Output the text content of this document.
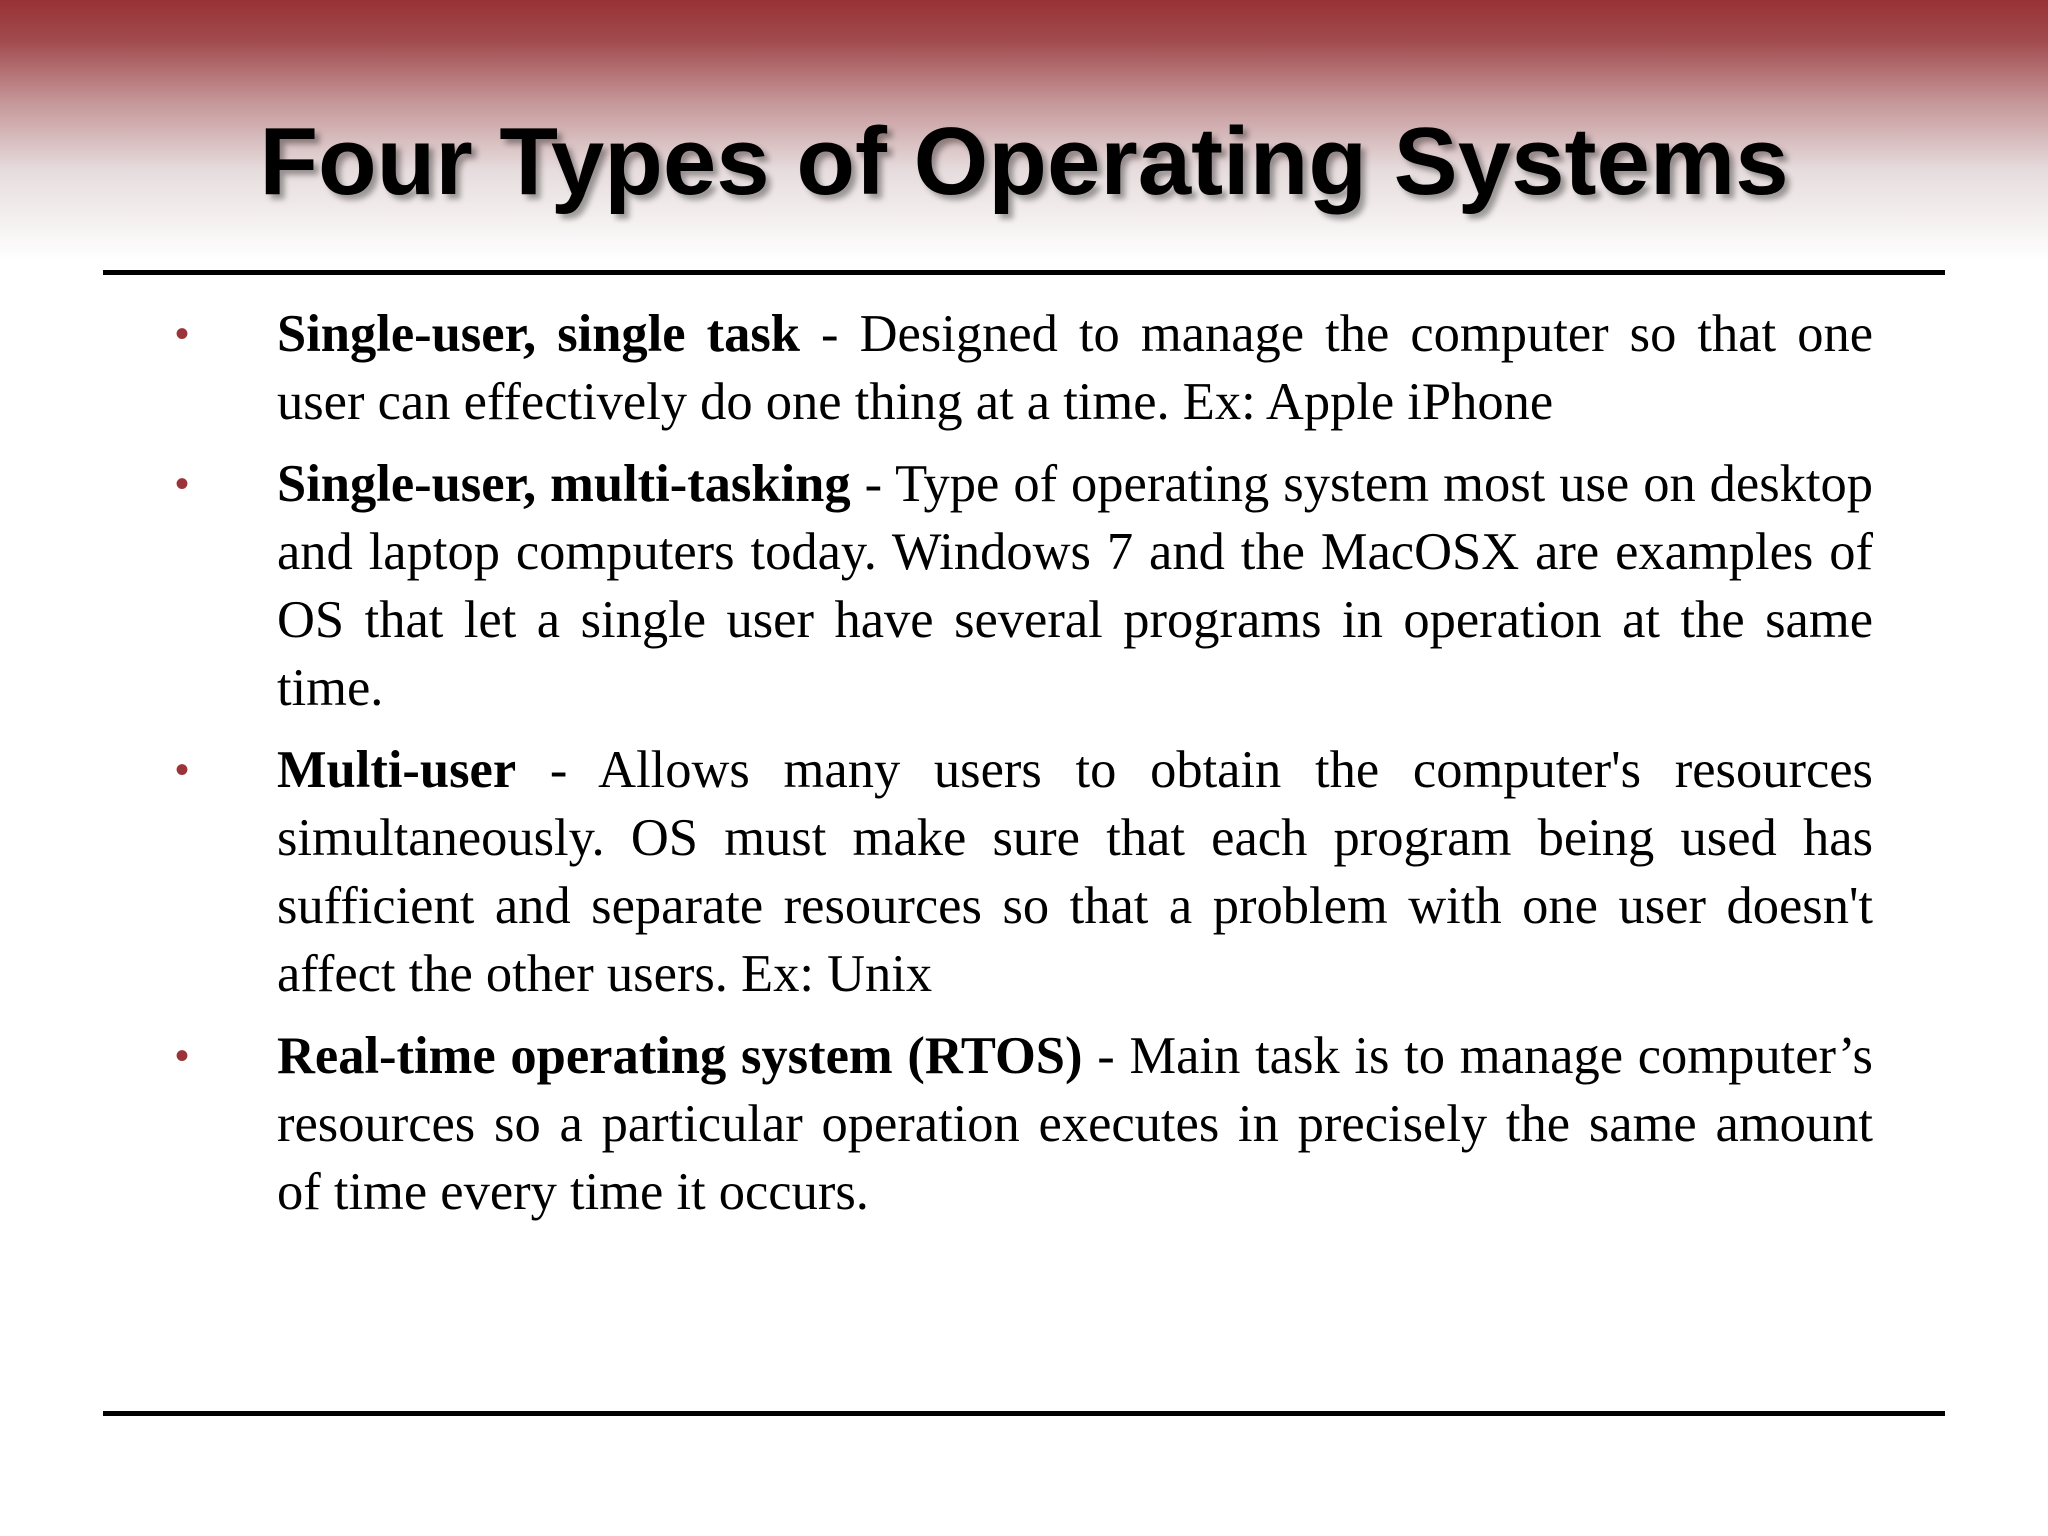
Four Types of Operating Systems
• Single-user, single task - Designed to manage the computer so that one user can effectively do one thing at a time. Ex: Apple iPhone
• Single-user, multi-tasking - Type of operating system most use on desktop and laptop computers today. Windows 7 and the MacOSX are examples of OS that let a single user have several programs in operation at the same time.
• Multi-user - Allows many users to obtain the computer's resources simultaneously. OS must make sure that each program being used has sufficient and separate resources so that a problem with one user doesn't affect the other users. Ex: Unix
• Real-time operating system (RTOS) - Main task is to manage computer’s resources so a particular operation executes in precisely the same amount of time every time it occurs.
